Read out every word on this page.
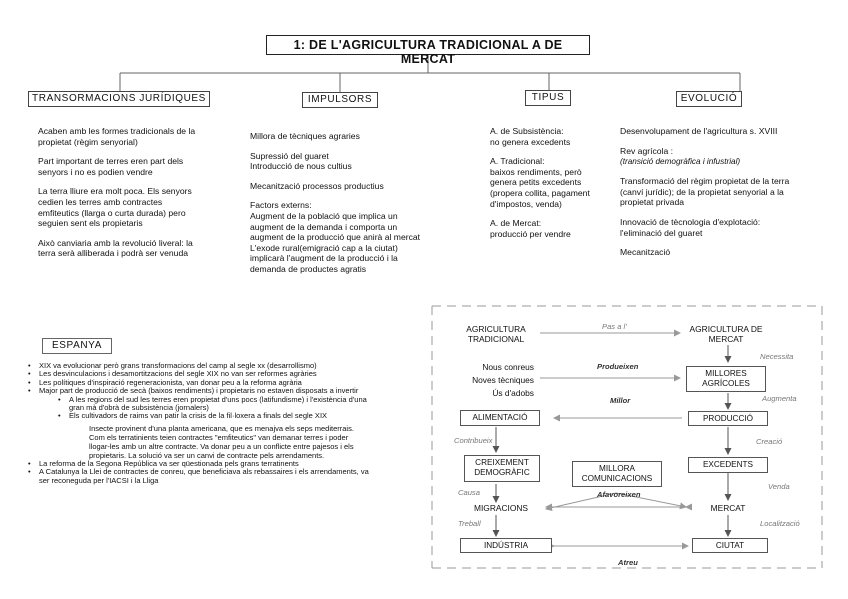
1: DE L'AGRICULTURA TRADICIONAL A DE MERCAT
TRANSORMACIONS JURÍDIQUES	IMPULSORS	TIPUS	EVOLUCIÓ

Acaben amb les formes tradicionals de la propietat (règim senyorial)

Part important de terres eren part dels senyors i no es podien vendre

La terra lliure era molt poca. Els senyors cedien les terres amb contractes emfiteutics (llarga o curta durada) pero seguien sent els propietaris

Això canviaria amb la revolució liveral: la terra serà alliberada i podrà ser venuda

Millora de tècniques agraries

Supressió del guaret
Introducció de nous cultius

Mecanització processos productius

Factors externs:
Augment de la població que implica un augment de la demanda i comporta un augment de la producció que anirà al mercat
L'exode rural(emigració cap a la ciutat) implicarà l'augment de la producció i la demanda de productes agratis

A. de Subsistència:
no genera excedents

A. Tradicional:
baixos rendiments, però genera petits excedents (propera collita, pagament d'impostos, venda)

A. de Mercat:
producció per vendre

Desenvolupament de l'agricultura s. XVIII

Rev agrícola :
(transició demogràfica i infustrial)

Transformació del règim propietat de la terra (canví jurídic); de la propietat senyorial a la propietat privada

Innovació de tècnologia d'explotació: l'eliminació del guaret

Mecanització

ESPANYA
• XIX va evolucionar però grans transformacions del camp al segle xx (desarrollismo)
• Les desvinculacions i desamortitzacions del segle XIX no van ser reformes agràries
• Les polítiques d'inspiració regeneracionista, van donar peu a la reforma agrària
• Major part de producció de secà (baixos rendiments) i propietaris no estaven disposats a invertir
• A les regions del sud les terres eren propietat d'uns pocs (latifundisme) i l'existència d'una gran mà d'obrà de subsistència (jornalers)
• Els cultivadors de raims van patir la crisis de la fil·loxera a finals del segle XIX
Insecte provinent d'una planta americana, que es menajva els seps mediterrais. Com els terratinients teien contractes "emfiteutics" van demanar terres i poder llogar-les amb un altre contracte. Va donar peu a un conflicte entre pajesos i els propietaris. La solució va ser un canvi de contracte pels arrendaments.
• La reforma de la Segona República va ser qüestionada pels grans terratinents
• A Catalunya la Llei de contractes de conreu, que beneficiava als rebassaires i els arrendaments, va ser reconeguda per l'IACSI i la Lliga
AGRICULTURA TRADICIONAL
AGRICULTURA DE MERCAT
Pas a l'
Nous conreus
Noves tècniques
Ús d'adobs
Produeixen
MILLORES AGRÍCOLES
Necessita
Augmenta
Millor
ALIMENTACIÓ	PRODUCCIÓ
Contribueix	Creació
CREIXEMENT DEMOGRÀFIC	MILLORA COMUNICACIONS
EXCEDENTS
Causa	Afavoreixen
Venda
MIGRACIONS	MERCAT
Treball	Localització
INDÚSTRIA	CIUTAT
Atreu
